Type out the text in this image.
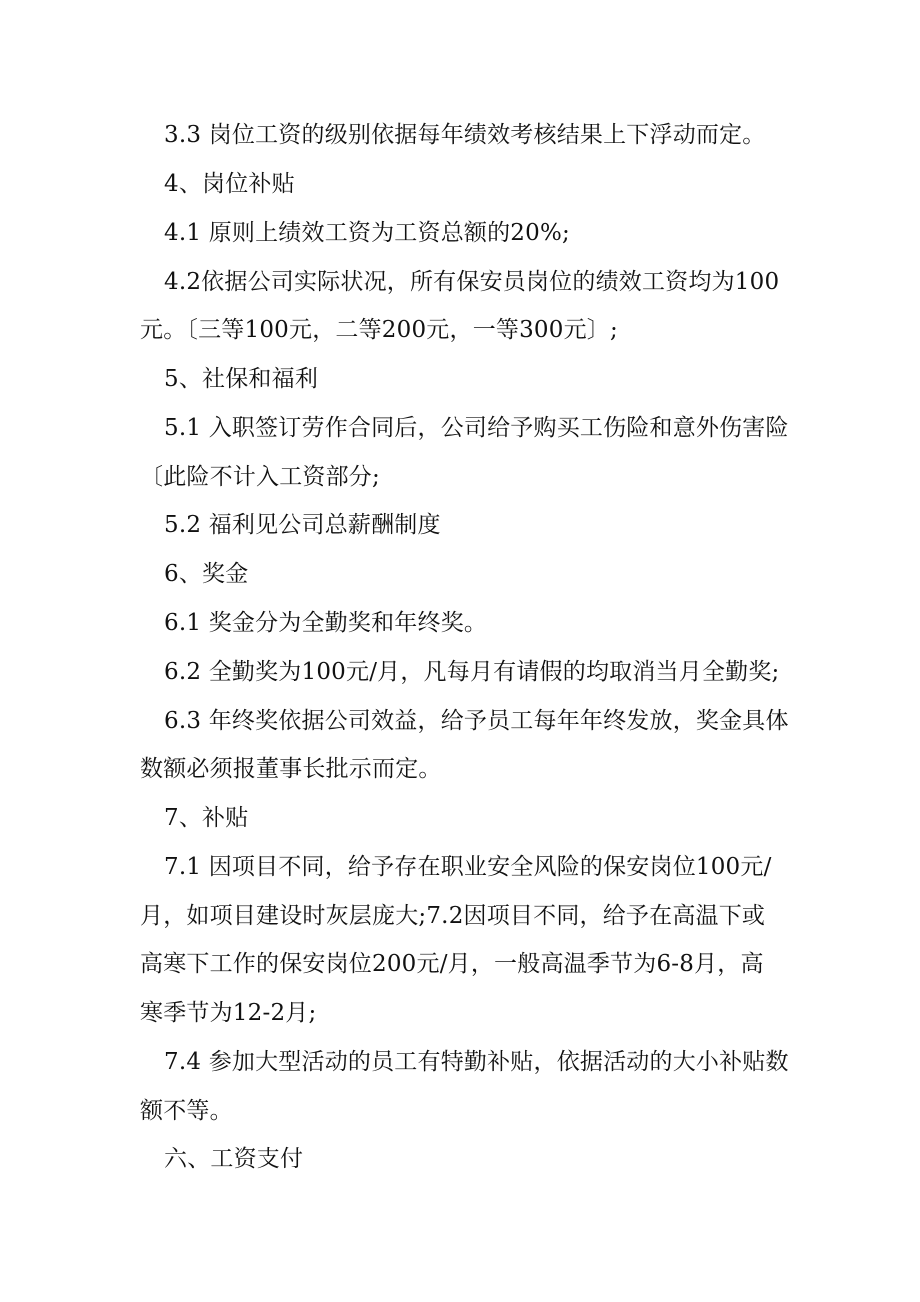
3.3 岗位工资的级别依据每年绩效考核结果上下浮动而定。
4、岗位补贴
4.1 原则上绩效工资为工资总额的20%;
4.2依据公司实际状况，所有保安员岗位的绩效工资均为100
元。〔三等100元，二等200元，一等300元〕;
5、社保和福利
5.1 入职签订劳作合同后，公司给予购买工伤险和意外伤害险
〔此险不计入工资部分;
5.2 福利见公司总薪酬制度
6、奖金
6.1 奖金分为全勤奖和年终奖。
6.2 全勤奖为100元/月，凡每月有请假的均取消当月全勤奖;
6.3 年终奖依据公司效益，给予员工每年年终发放，奖金具体
数额必须报董事长批示而定。
7、补贴
7.1 因项目不同，给予存在职业安全风险的保安岗位100元/
月，如项目建设时灰层庞大;7.2因项目不同，给予在高温下或
高寒下工作的保安岗位200元/月，一般高温季节为6-8月，高
寒季节为12-2月;
7.4 参加大型活动的员工有特勤补贴，依据活动的大小补贴数
额不等。
六、工资支付
